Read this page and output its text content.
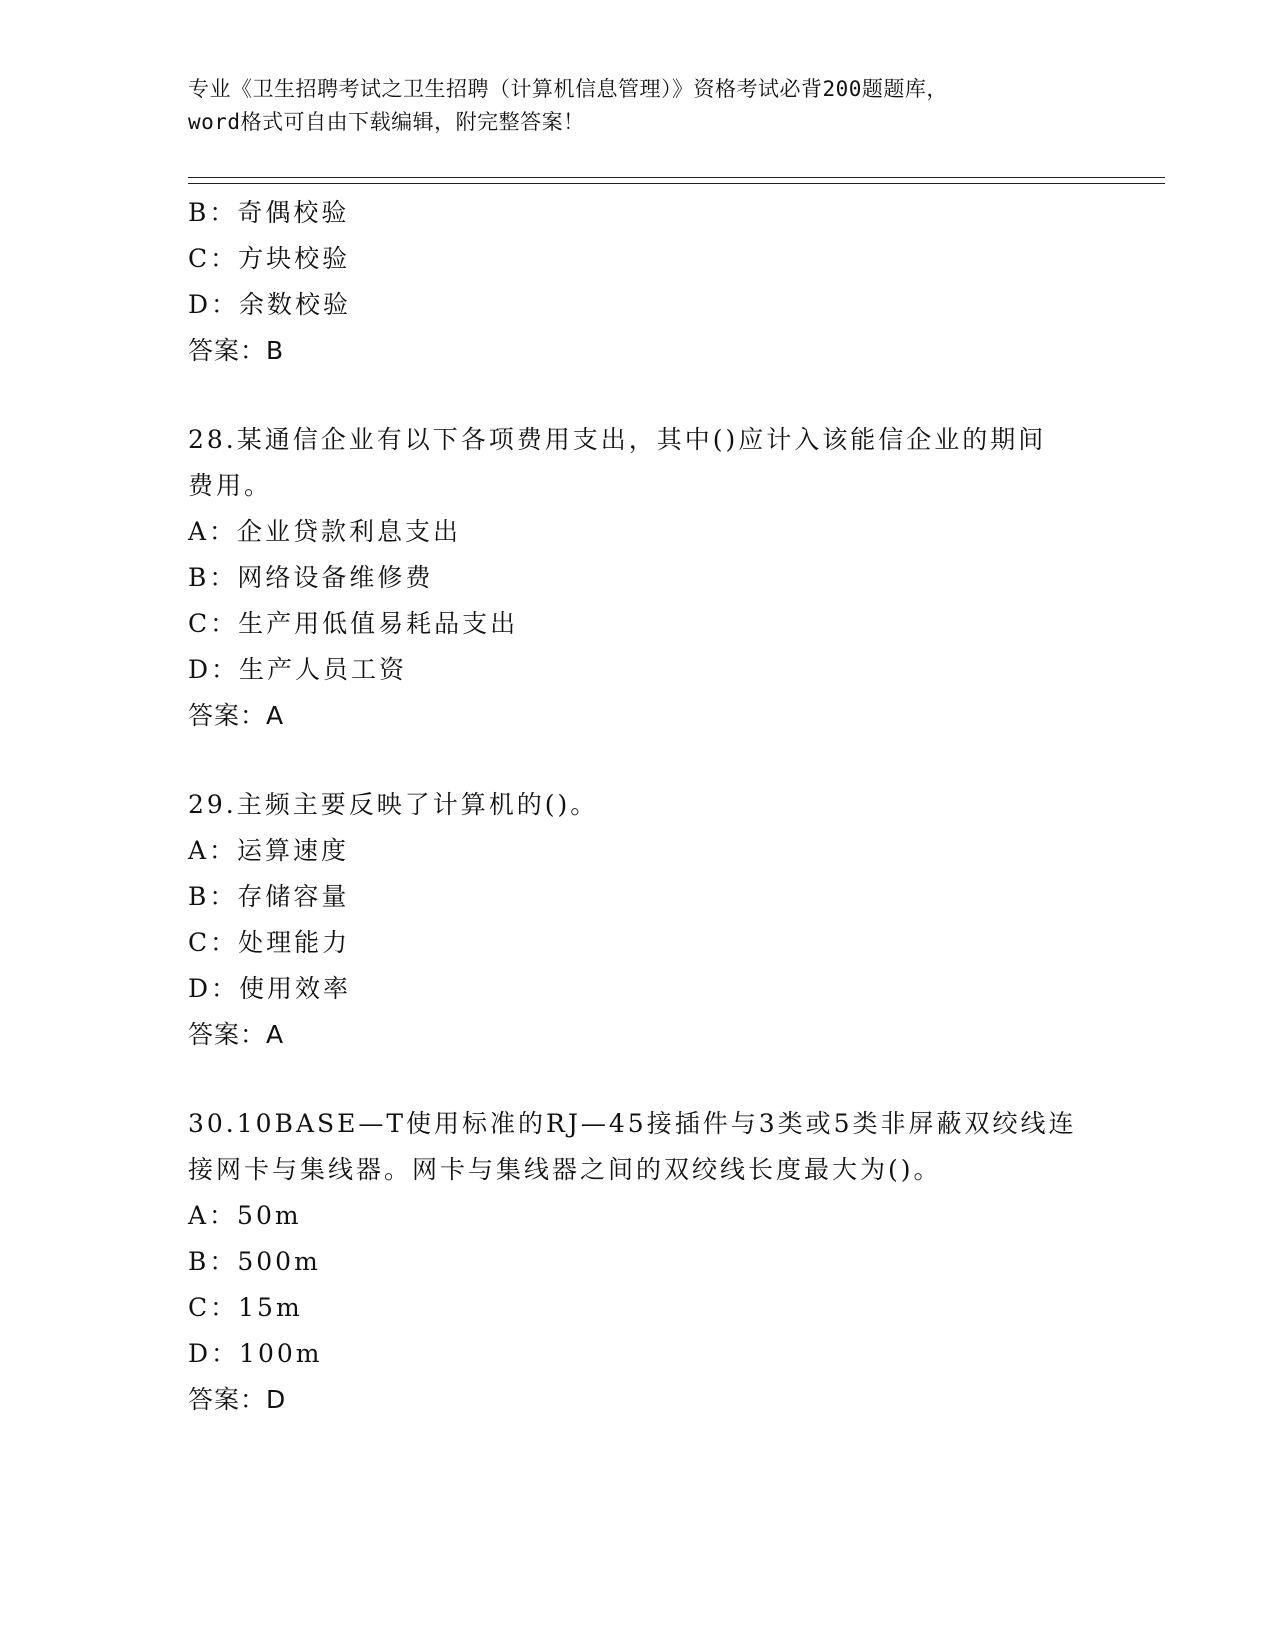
专业《卫生招聘考试之卫生招聘（计算机信息管理）》资格考试必背200题题库，
word格式可自由下载编辑，附完整答案！
B：奇偶校验
C：方块校验
D：余数校验
答案：B
28.某通信企业有以下各项费用支出，其中()应计入该能信企业的期间
费用。
A：企业贷款利息支出
B：网络设备维修费
C：生产用低值易耗品支出
D：生产人员工资
答案：A
29.主频主要反映了计算机的()。
A：运算速度
B：存储容量
C：处理能力
D：使用效率
答案：A
30.10BASE—T使用标准的RJ—45接插件与3类或5类非屏蔽双绞线连
接网卡与集线器。网卡与集线器之间的双绞线长度最大为()。
A：50m
B：500m
C：15m
D：100m
答案：D
